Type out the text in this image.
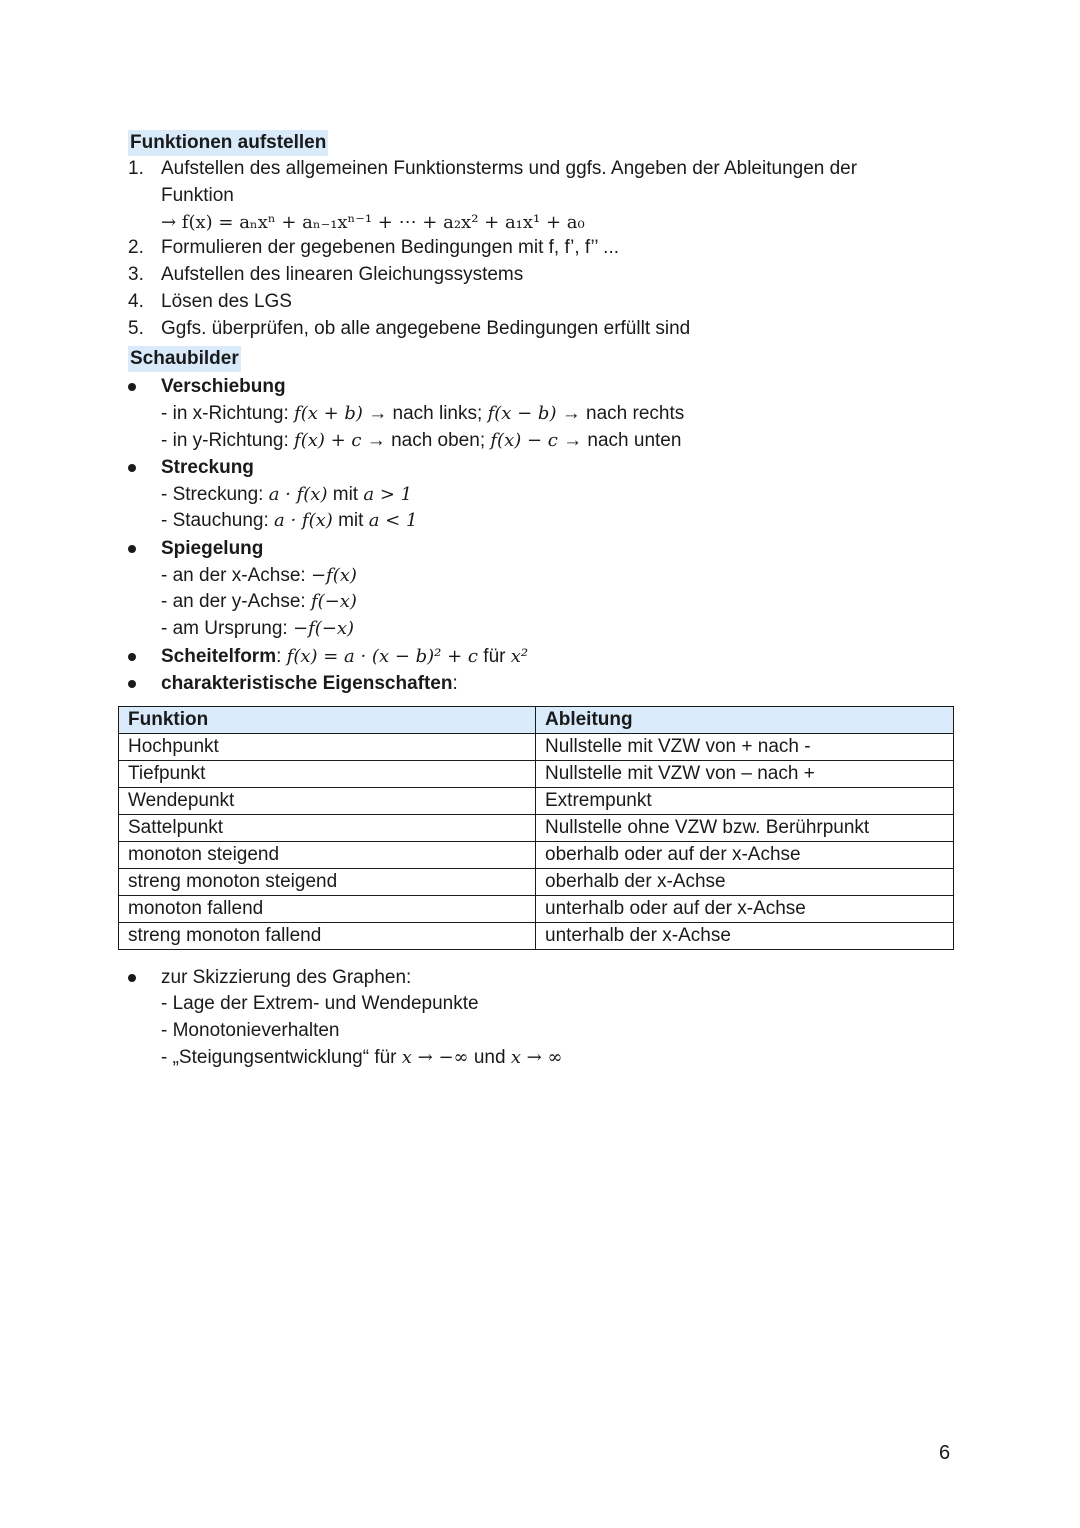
Funktionen aufstellen
1. Aufstellen des allgemeinen Funktionsterms und ggfs. Angeben der Ableitungen der
Funktion
→ f(x) = aₙxⁿ + aₙ₋₁xⁿ⁻¹ + ⋯ + a₂x² + a₁x¹ + a₀
2. Formulieren der gegebenen Bedingungen mit f, f’, f’’ ...
3. Aufstellen des linearen Gleichungssystems
4. Lösen des LGS
5. Ggfs. überprüfen, ob alle angegebene Bedingungen erfüllt sind
Schaubilder
Verschiebung
- in x-Richtung: f(x + b) → nach links; f(x − b) → nach rechts
- in y-Richtung: f(x) + c → nach oben; f(x) − c → nach unten
Streckung
- Streckung: a · f(x) mit a > 1
- Stauchung: a · f(x) mit a < 1
Spiegelung
- an der x-Achse: −f(x)
- an der y-Achse: f(−x)
- am Ursprung: −f(−x)
Scheitelform: f(x) = a · (x − b)² + c für x²
charakteristische Eigenschaften:
Funktion	Ableitung
Hochpunkt	Nullstelle mit VZW von + nach -
Tiefpunkt	Nullstelle mit VZW von – nach +
Wendepunkt	Extrempunkt
Sattelpunkt	Nullstelle ohne VZW bzw. Berührpunkt
monoton steigend	oberhalb oder auf der x-Achse
streng monoton steigend	oberhalb der x-Achse
monoton fallend	unterhalb oder auf der x-Achse
streng monoton fallend	unterhalb der x-Achse
zur Skizzierung des Graphen:
- Lage der Extrem- und Wendepunkte
- Monotonieverhalten
- „Steigungsentwicklung“ für x → −∞ und x → ∞
6
